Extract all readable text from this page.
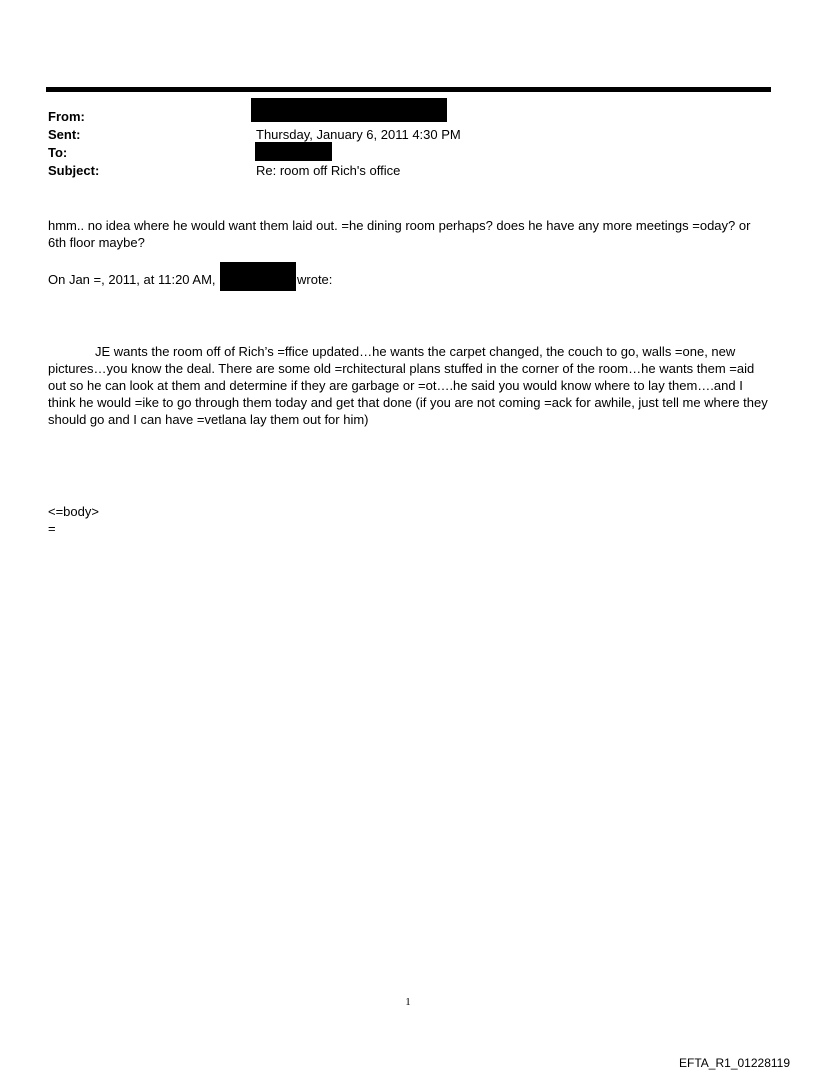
From:
Sent:	Thursday, January 6, 2011 4:30 PM
To:
Subject:	Re: room off Rich's office
hmm.. no idea where he would want them laid out. =he dining room perhaps? does he have any more meetings =oday? or 6th floor maybe?
On Jan =, 2011, at 11:20 AM,	wrote:
JE wants the room off of Rich’s =ffice updated…he wants the carpet changed, the couch to go, walls =one, new pictures…you know the deal. There are some old =rchitectural plans stuffed in the corner of the room…he wants them =aid out so he can look at them and determine if they are garbage or =ot….he said you would know where to lay them….and I think he would =ike to go through them today and get that done (if you are not coming =ack for awhile, just tell me where they should go and I can have =vetlana lay them out for him)
<=body>
=
1
EFTA_R1_01228119
